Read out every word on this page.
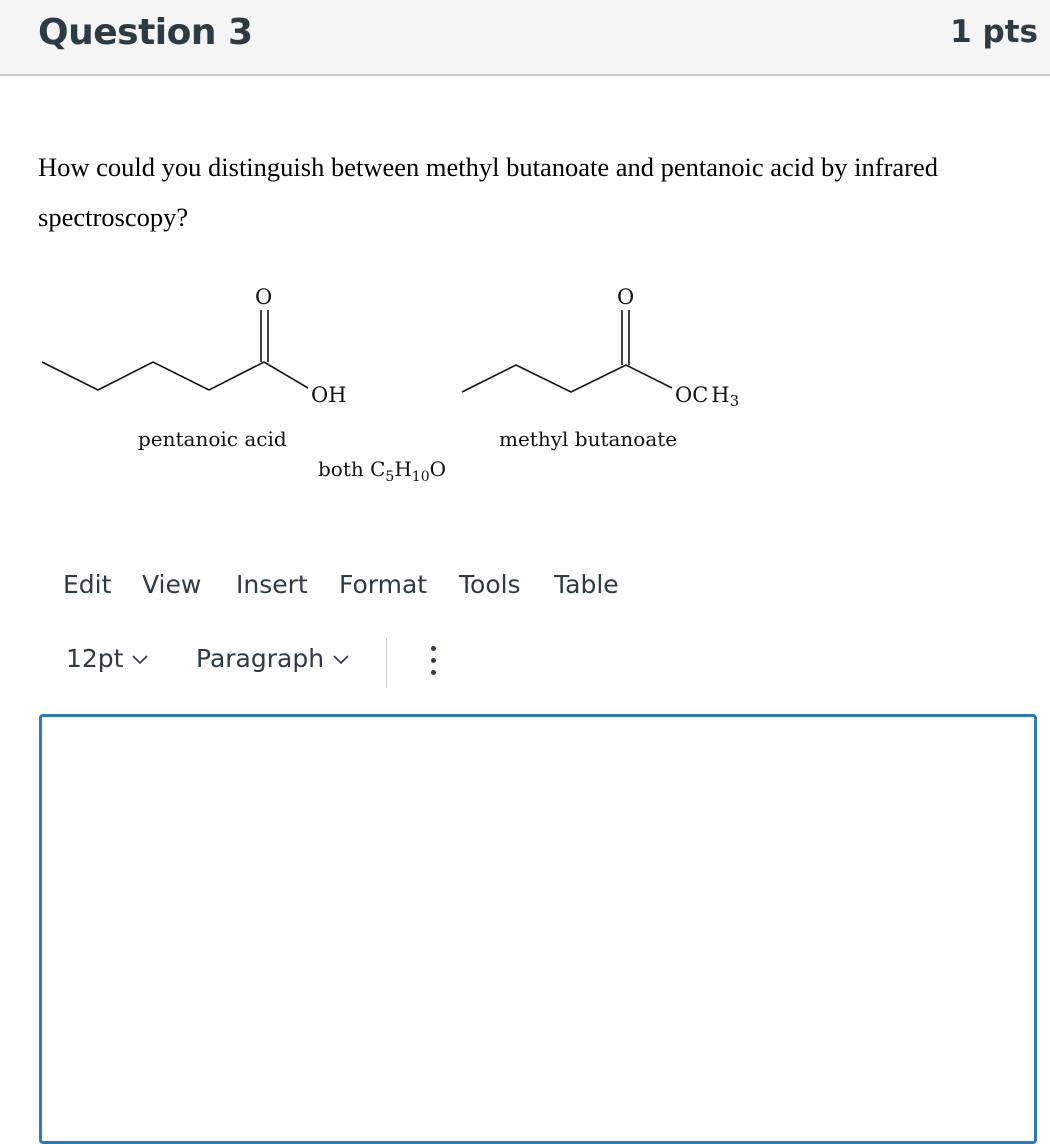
Question 3	1 pts
How could you distinguish between methyl butanoate and pentanoic acid by infrared spectroscopy?
O
OH
pentanoic acid
O
OC H3
methyl butanoate
both $C_5H_{10}O$
Edit View Insert Format Tools Table
12pt	Paragraph
